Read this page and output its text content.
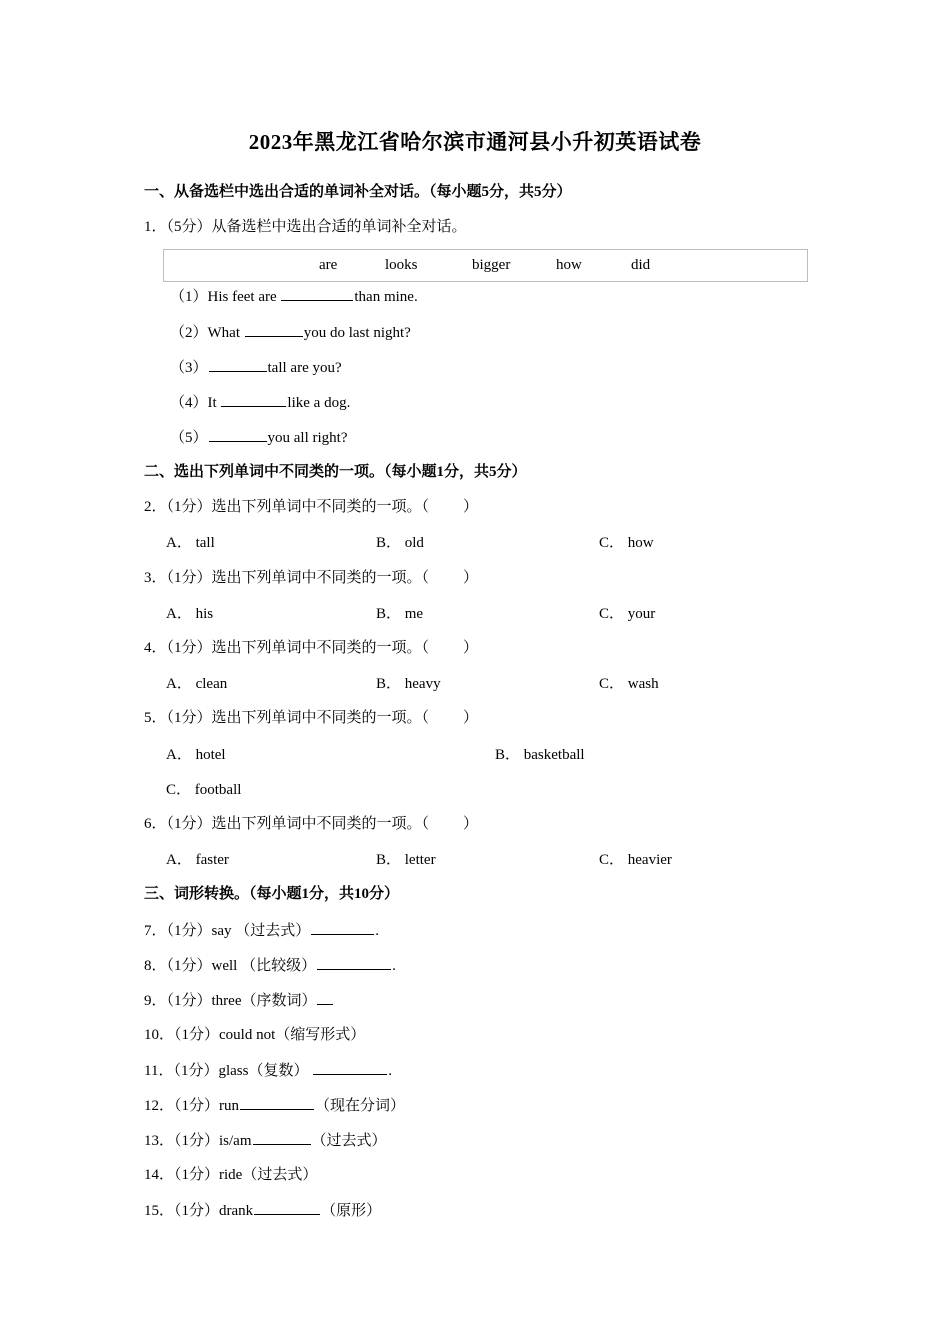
2023年黑龙江省哈尔滨市通河县小升初英语试卷
一、从备选栏中选出合适的单词补全对话。（每小题5分，共5分）
1．（5分）从备选栏中选出合适的单词补全对话。
are	looks	bigger	how	did
（1）His feet are	than mine.
（2）What	you do last night?
（3）	tall are you?
（4）It	like a dog.
（5）	you all right?
二、选出下列单词中不同类的一项。（每小题1分，共5分）
2．（1分）选出下列单词中不同类的一项。（ ）
A． tall	B． old	C． how
3．（1分）选出下列单词中不同类的一项。（ ）
A． his	B． me	C． your
4．（1分）选出下列单词中不同类的一项。（ ）
A． clean	B． heavy	C． wash
5．（1分）选出下列单词中不同类的一项。（ ）
A． hotel	B． basketball
C． football
6．（1分）选出下列单词中不同类的一项。（ ）
A． faster	B． letter	C． heavier
三、词形转换。（每小题1分，共10分）
7．（1分）say （过去式）	.
8．（1分）well （比较级）	.
9．（1分）three（序数词）
10．（1分）could not（缩写形式）
11．（1分）glass（复数）	.
12．（1分）run	（现在分词）
13．（1分）is/am	（过去式）
14．（1分）ride（过去式）
15．（1分）drank	（原形）
